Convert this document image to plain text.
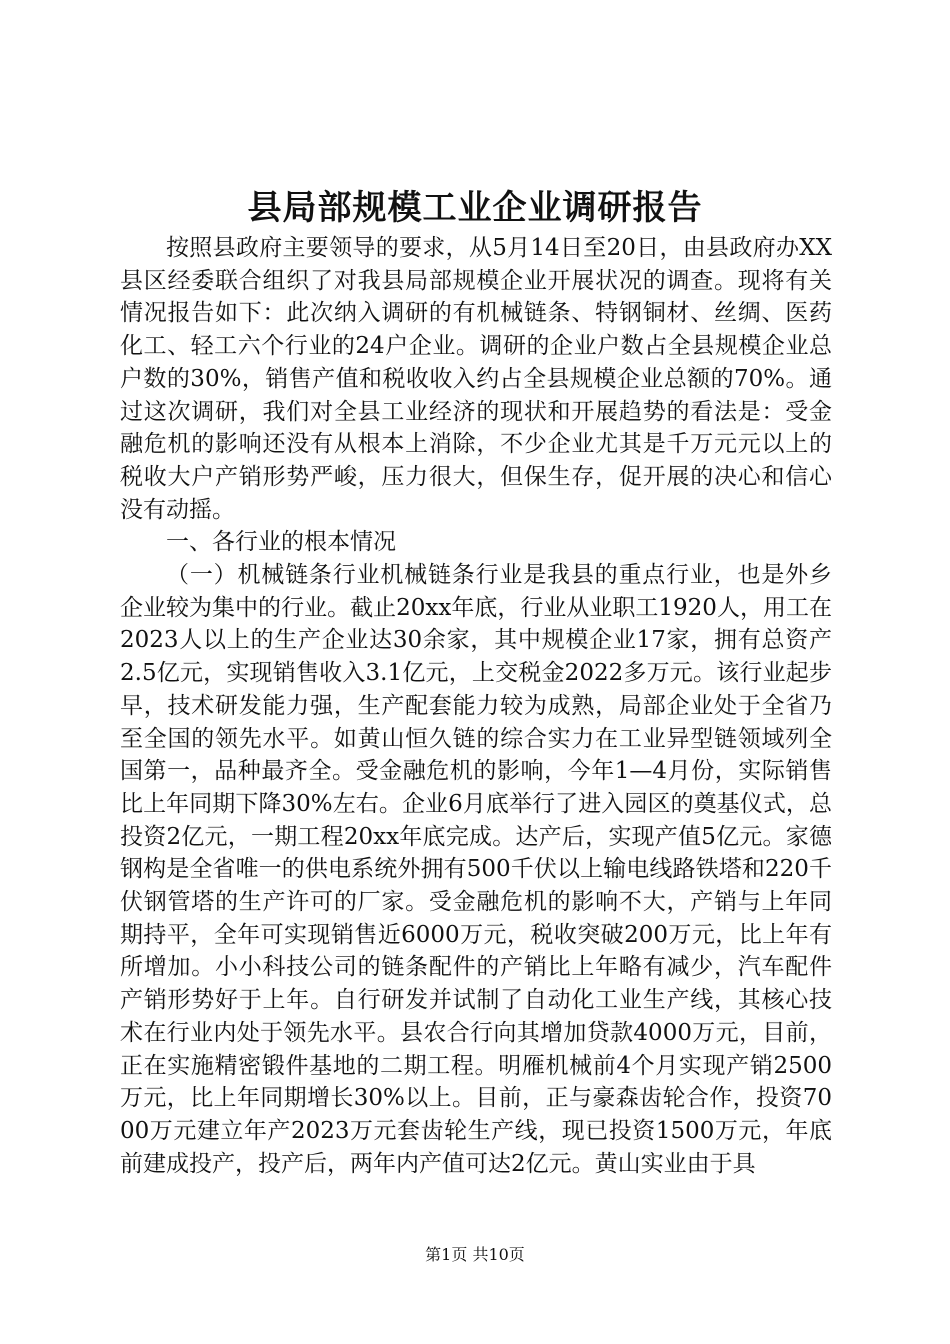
县局部规模工业企业调研报告

按照县政府主要领导的要求，从5月14日至20日，由县政府办XX县区经委联合组织了对我县局部规模企业开展状况的调查。现将有关情况报告如下：此次纳入调研的有机械链条、特钢铜材、丝绸、医药化工、轻工六个行业的24户企业。调研的企业户数占全县规模企业总户数的30%，销售产值和税收收入约占全县规模企业总额的70%。通过这次调研，我们对全县工业经济的现状和开展趋势的看法是：受金融危机的影响还没有从根本上消除，不少企业尤其是千万元元以上的税收大户产销形势严峻，压力很大，但保生存，促开展的决心和信心没有动摇。

一、各行业的根本情况

（一）机械链条行业机械链条行业是我县的重点行业，也是外乡企业较为集中的行业。截止20xx年底，行业从业职工1920人，用工在2023人以上的生产企业达30余家，其中规模企业17家，拥有总资产2.5亿元，实现销售收入3.1亿元，上交税金2022多万元。该行业起步早，技术研发能力强，生产配套能力较为成熟，局部企业处于全省乃至全国的领先水平。如黄山恒久链的综合实力在工业异型链领域列全国第一，品种最齐全。受金融危机的影响，今年1—4月份，实际销售比上年同期下降30%左右。企业6月底举行了进入园区的奠基仪式，总投资2亿元，一期工程20xx年底完成。达产后，实现产值5亿元。家德钢构是全省唯一的供电系统外拥有500千伏以上输电线路铁塔和220千伏钢管塔的生产许可的厂家。受金融危机的影响不大，产销与上年同期持平，全年可实现销售近6000万元，税收突破200万元，比上年有所增加。小小科技公司的链条配件的产销比上年略有减少，汽车配件产销形势好于上年。自行研发并试制了自动化工业生产线，其核心技术在行业内处于领先水平。县农合行向其增加贷款4000万元，目前，正在实施精密锻件基地的二期工程。明雁机械前4个月实现产销2500万元，比上年同期增长30%以上。目前，正与豪森齿轮合作，投资7000万元建立年产2023万元套齿轮生产线，现已投资1500万元，年底前建成投产，投产后，两年内产值可达2亿元。黄山实业由于具

第1页 共10页
